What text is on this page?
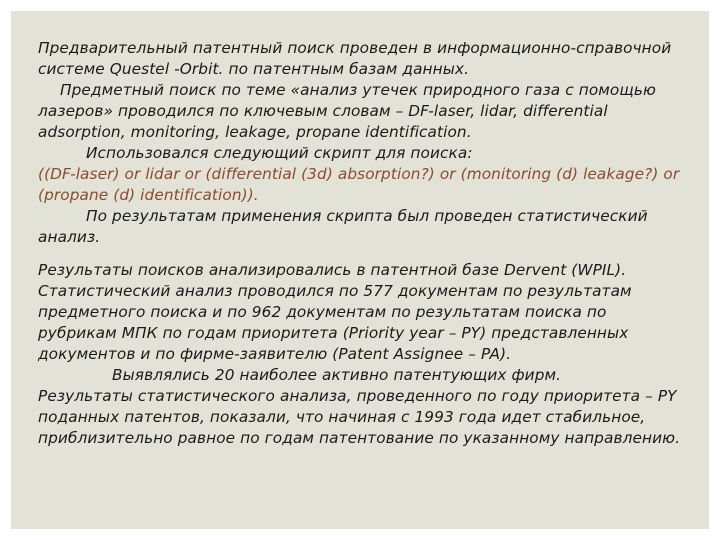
Предварительный патентный поиск проведен в информационно-справочной системе Questel -Orbit. по патентным базам данных.

Предметный поиск по теме «анализ утечек природного газа с помощью лазеров» проводился по ключевым словам – DF-laser, lidar, differential adsorption, monitoring, leakage, propane identification.

Использовался следующий скрипт для поиска:

((DF-laser) or lidar or (differential (3d) absorption?) or (monitoring (d) leakage?) or (propane (d) identification)).

По результатам применения скрипта был проведен статистический анализ.

Результаты поисков анализировались в патентной базе Dervent (WPIL). Статистический анализ проводился по 577 документам по результатам предметного поиска и по 962 документам по результатам поиска по рубрикам МПК по годам приоритета (Priority year – PY) представленных документов и по фирме-заявителю (Patent Assignee – PA).

Выявлялись 20 наиболее активно патентующих фирм.

Результаты статистического анализа, проведенного по году приоритета – PY поданных патентов, показали, что начиная с 1993 года идет стабильное, приблизительно равное по годам патентование по указанному направлению.
